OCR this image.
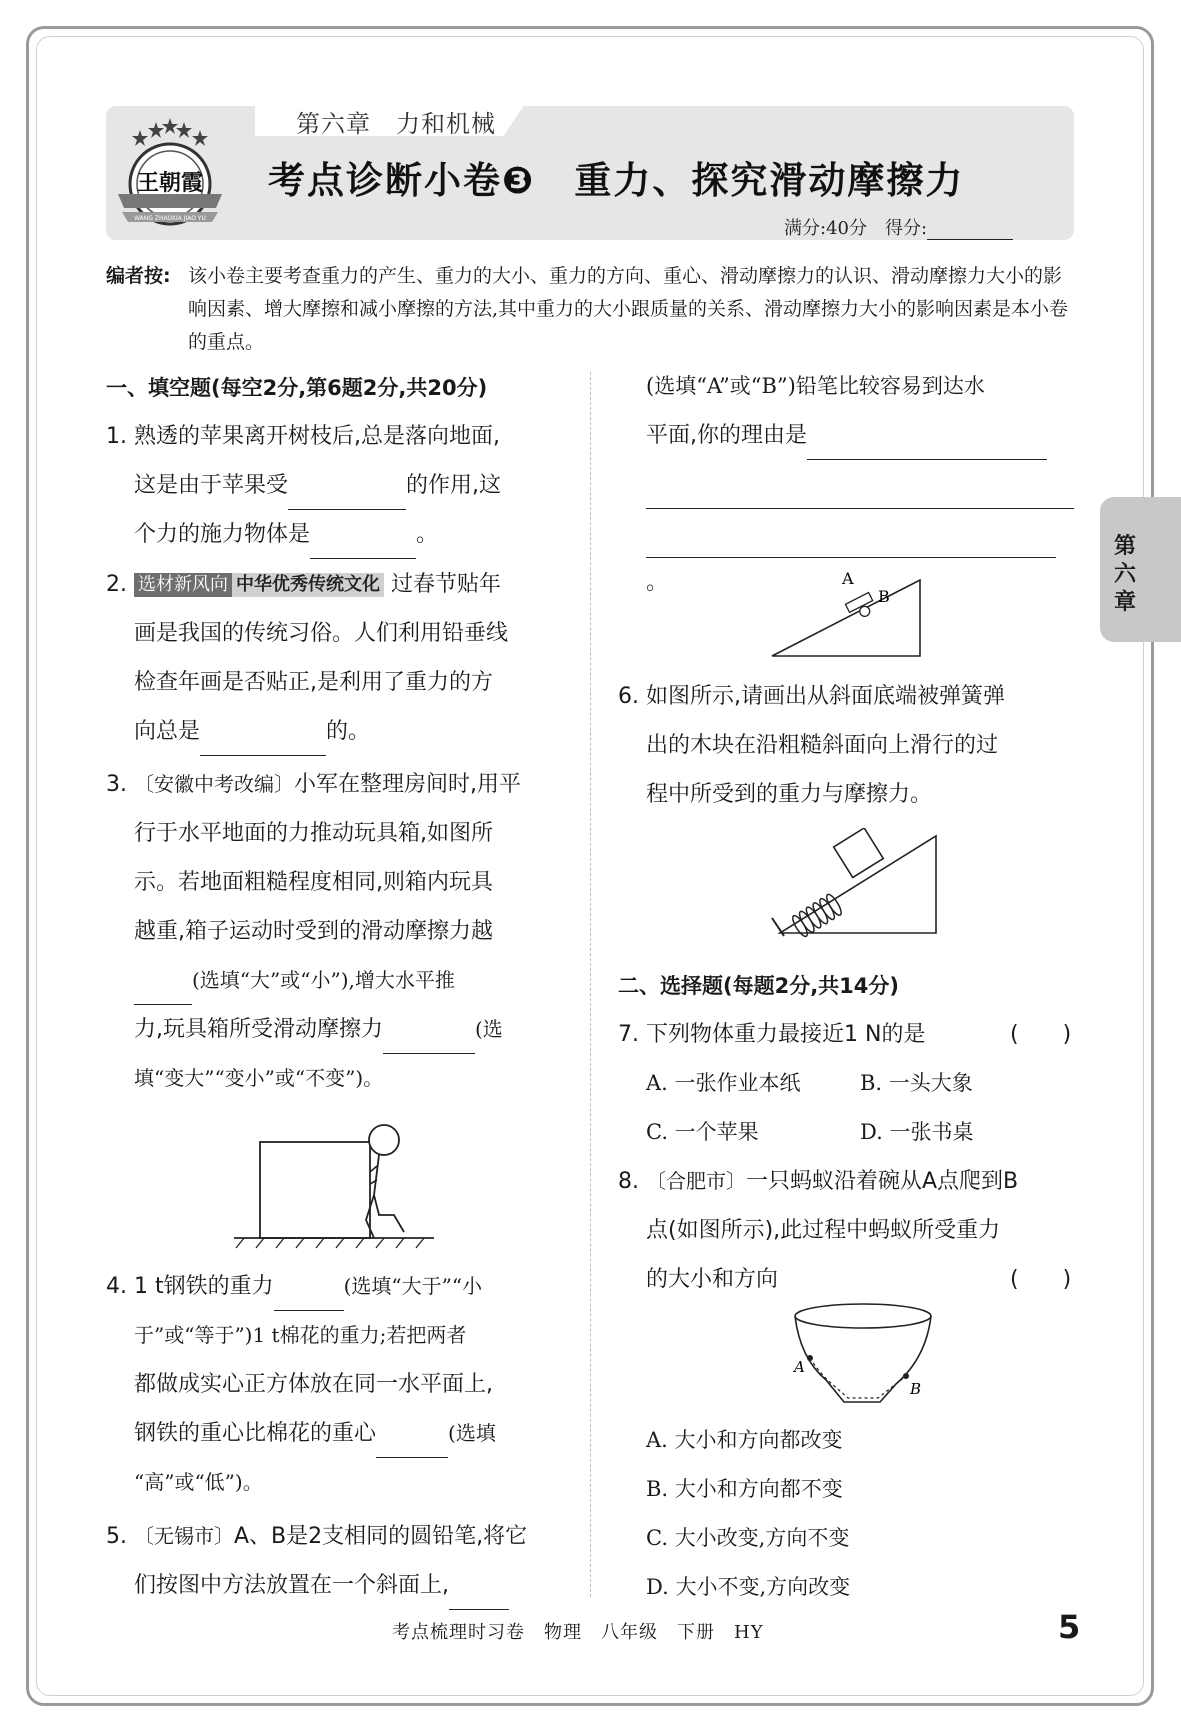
第六章　力和机械
考点诊断小卷❸　重力、探究滑动摩擦力
满分:40分　得分:
王朝霞
WANG ZHAOXIA JIAO YU
编者按: 该小卷主要考查重力的产生、重力的大小、重力的方向、重心、滑动摩擦力的认识、滑动摩擦力大小的影响因素、增大摩擦和减小摩擦的方法,其中重力的大小跟质量的关系、滑动摩擦力大小的影响因素是本小卷的重点。
一、填空题(每空2分,第6题2分,共20分)
1. 熟透的苹果离开树枝后,总是落向地面,
这是由于苹果受	的作用,这
个力的施力物体是	。
2. 选材新风向 中华优秀传统文化 过春节贴年
画是我国的传统习俗。人们利用铅垂线
检查年画是否贴正,是利用了重力的方
向总是	的。
3. 〔安徽中考改编〕小军在整理房间时,用平
行于水平地面的力推动玩具箱,如图所
示。若地面粗糙程度相同,则箱内玩具
越重,箱子运动时受到的滑动摩擦力越
(选填“大”或“小”),增大水平推
力,玩具箱所受滑动摩擦力	(选
填“变大”“变小”或“不变”)。
4. 1 t钢铁的重力	(选填“大于”“小
于”或“等于”)1 t棉花的重力;若把两者
都做成实心正方体放在同一水平面上,
钢铁的重心比棉花的重心	(选填
“高”或“低”)。
5. 〔无锡市〕A、B是2支相同的圆铅笔,将它
们按图中方法放置在一个斜面上,
(选填“A”或“B”)铅笔比较容易到达水
平面,你的理由是
。	A
B
6. 如图所示,请画出从斜面底端被弹簧弹
出的木块在沿粗糙斜面向上滑行的过
程中所受到的重力与摩擦力。
二、选择题(每题2分,共14分)
7. 下列物体重力最接近1 N的是
A. 一张作业本纸	B. 一头大象
C. 一个苹果	D. 一张书桌
(　　)
8. 〔合肥市〕一只蚂蚁沿着碗从A点爬到B
点(如图所示),此过程中蚂蚁所受重力
的大小和方向	(　　)
A
B
A. 大小和方向都改变
B. 大小和方向都不变
C. 大小改变,方向不变
D. 大小不变,方向改变
第六章
考点梳理时习卷　物理　八年级　下册　HY	5
